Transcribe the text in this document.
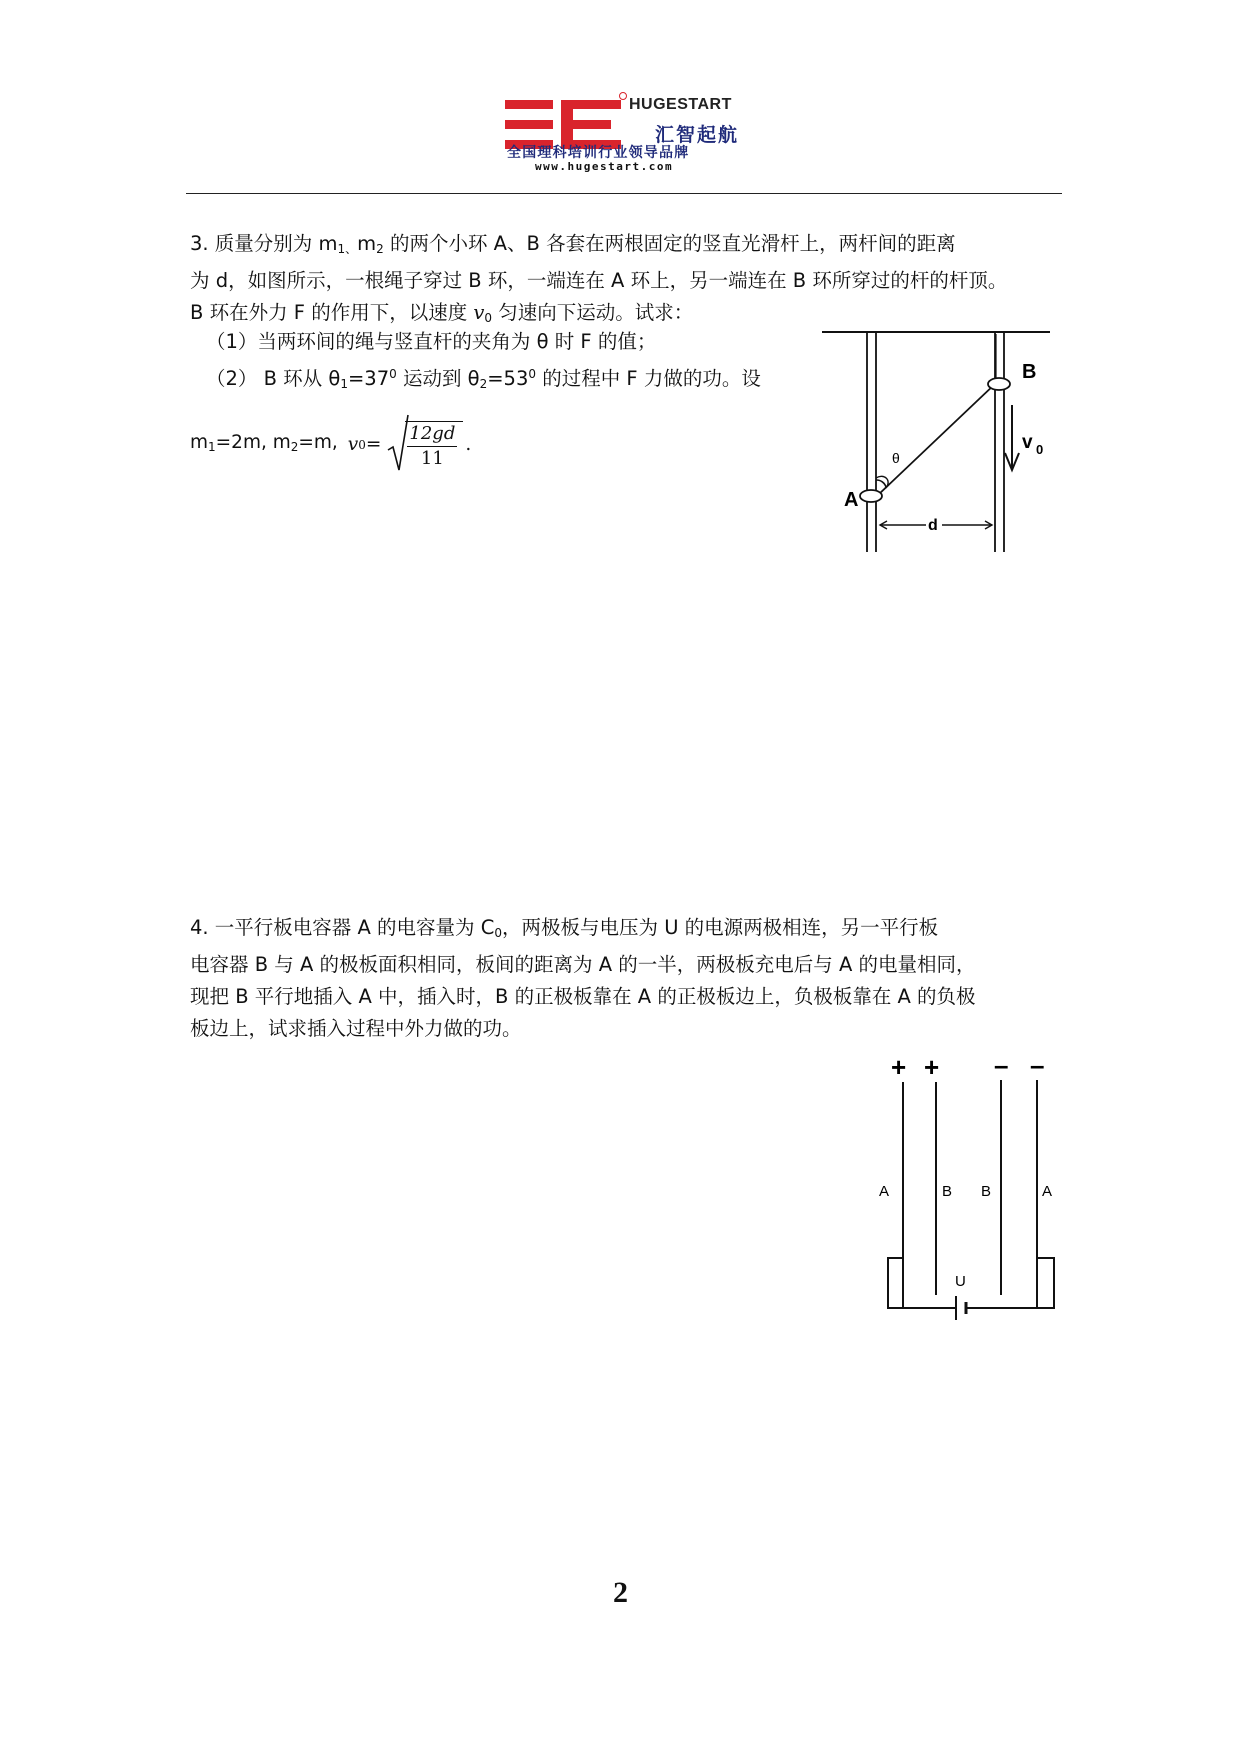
HUGESTART
汇智起航
全国理科培训行业领导品牌
www.hugestart.com

3. 质量分别为 $m_{1、}m_2$ 的两个小环 A、B 各套在两根固定的竖直光滑杆上，两杆间的距离

为 d，如图所示，一根绳子穿过 B 环，一端连在 A 环上，另一端连在 B 环所穿过的杆的杆顶。

B 环在外力 F 的作用下，以速度 $v_0$ 匀速向下运动。试求：

（1）当两环间的绳与竖直杆的夹角为 θ 时 F 的值；

（2） B 环从 $\theta_1=37^0$ 运动到 $\theta_2=53^0$ 的过程中 F 力做的功。设

$m_1=2m$, $m_2=m$, v $0 = \frac{12gd}{11}$ .
A
B
θ
d
v 0

4. 一平行板电容器 A 的电容量为 $C_0$，两极板与电压为 U 的电源两极相连，另一平行板

电容器 B 与 A 的极板面积相同，板间的距离为 A 的一半，两极板充电后与 A 的电量相同，

现把 B 平行地插入 A 中，插入时，B 的正极板靠在 A 的正极板边上，负极板靠在 A 的负极

板边上，试求插入过程中外力做的功。

+ + – –
A	B B	A
U
2
